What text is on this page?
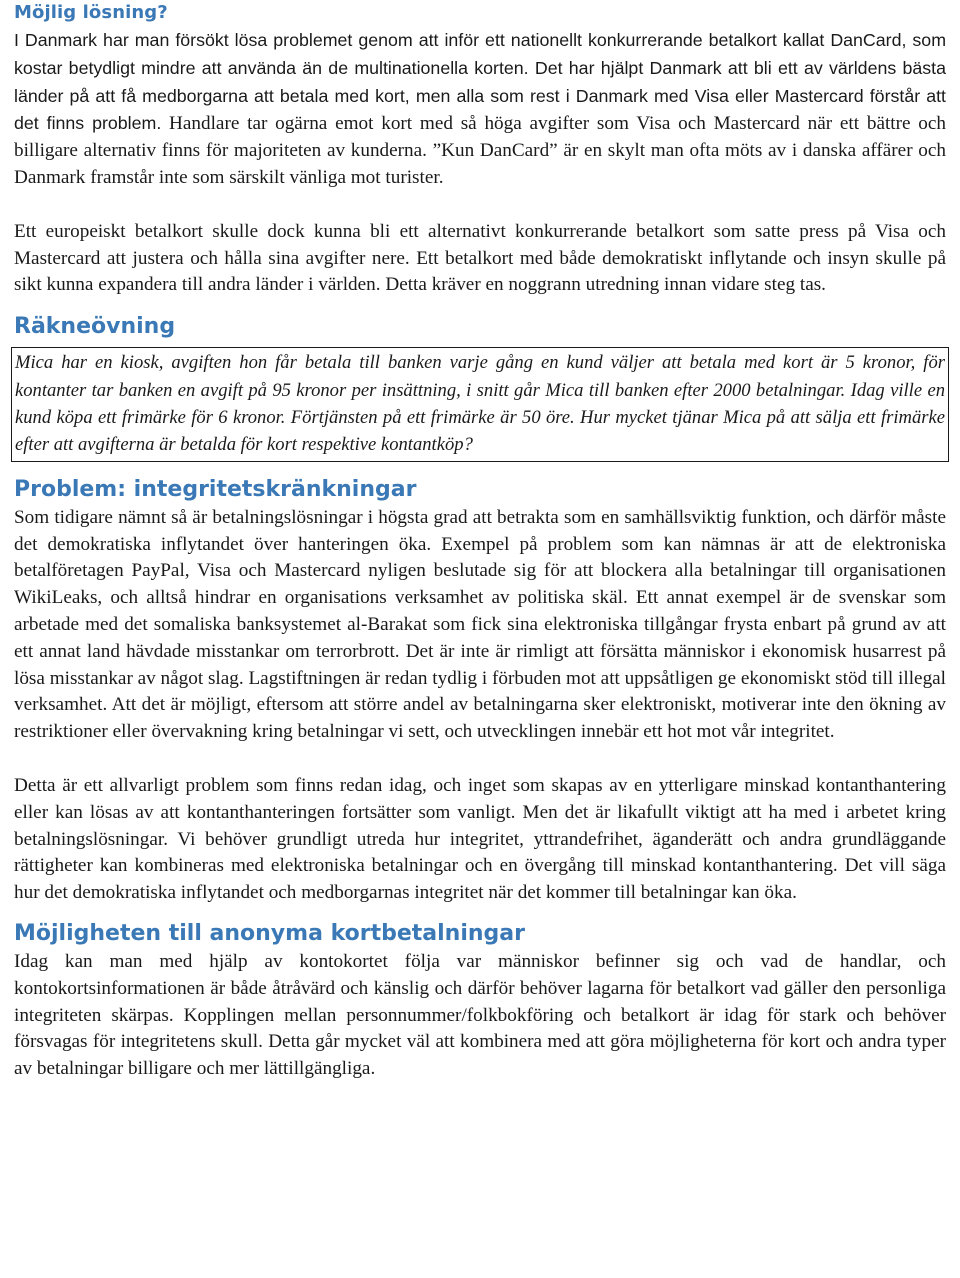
Möjlig lösning?

I Danmark har man försökt lösa problemet genom att inför ett nationellt konkurrerande betalkort kallat DanCard, som kostar betydligt mindre att använda än de multinationella korten. Det har hjälpt Danmark att bli ett av världens bästa länder på att få medborgarna att betala med kort, men alla som rest i Danmark med Visa eller Mastercard förstår att det finns problem. Handlare tar ogärna emot kort med så höga avgifter som Visa och Mastercard när ett bättre och billigare alternativ finns för majoriteten av kunderna. ”Kun DanCard” är en skylt man ofta möts av i danska affärer och Danmark framstår inte som särskilt vänliga mot turister.

Ett europeiskt betalkort skulle dock kunna bli ett alternativt konkurrerande betalkort som satte press på Visa och Mastercard att justera och hålla sina avgifter nere. Ett betalkort med både demokratiskt inflytande och insyn skulle på sikt kunna expandera till andra länder i världen. Detta kräver en noggrann utredning innan vidare steg tas.

Räkneövning
Mica har en kiosk, avgiften hon får betala till banken varje gång en kund väljer att betala med kort är 5 kronor, för kontanter tar banken en avgift på 95 kronor per insättning, i snitt går Mica till banken efter 2000 betalningar. Idag ville en kund köpa ett frimärke för 6 kronor. Förtjänsten på ett frimärke är 50 öre. Hur mycket tjänar Mica på att sälja ett frimärke efter att avgifterna är betalda för kort respektive kontantköp?
Problem: integritetskränkningar

Som tidigare nämnt så är betalningslösningar i högsta grad att betrakta som en samhällsviktig funktion, och därför måste det demokratiska inflytandet över hanteringen öka. Exempel på problem som kan nämnas är att de elektroniska betalföretagen PayPal, Visa och Mastercard nyligen beslutade sig för att blockera alla betalningar till organisationen WikiLeaks, och alltså hindrar en organisations verksamhet av politiska skäl. Ett annat exempel är de svenskar som arbetade med det somaliska banksystemet al-Barakat som fick sina elektroniska tillgångar frysta enbart på grund av att ett annat land hävdade misstankar om terrorbrott. Det är inte är rimligt att försätta människor i ekonomisk husarrest på lösa misstankar av något slag. Lagstiftningen är redan tydlig i förbuden mot att uppsåtligen ge ekonomiskt stöd till illegal verksamhet. Att det är möjligt, eftersom att större andel av betalningarna sker elektroniskt, motiverar inte den ökning av restriktioner eller övervakning kring betalningar vi sett, och utvecklingen innebär ett hot mot vår integritet.

Detta är ett allvarligt problem som finns redan idag, och inget som skapas av en ytterligare minskad kontanthantering eller kan lösas av att kontanthanteringen fortsätter som vanligt. Men det är likafullt viktigt att ha med i arbetet kring betalningslösningar. Vi behöver grundligt utreda hur integritet, yttrandefrihet, äganderätt och andra grundläggande rättigheter kan kombineras med elektroniska betalningar och en övergång till minskad kontanthantering. Det vill säga hur det demokratiska inflytandet och medborgarnas integritet när det kommer till betalningar kan öka.

Möjligheten till anonyma kortbetalningar

Idag kan man med hjälp av kontokortet följa var människor befinner sig och vad de handlar, och kontokortsinformationen är både åtråvärd och känslig och därför behöver lagarna för betalkort vad gäller den personliga integriteten skärpas. Kopplingen mellan personnummer/folkbokföring och betalkort är idag för stark och behöver försvagas för integritetens skull. Detta går mycket väl att kombinera med att göra möjligheterna för kort och andra typer av betalningar billigare och mer lättillgängliga.
